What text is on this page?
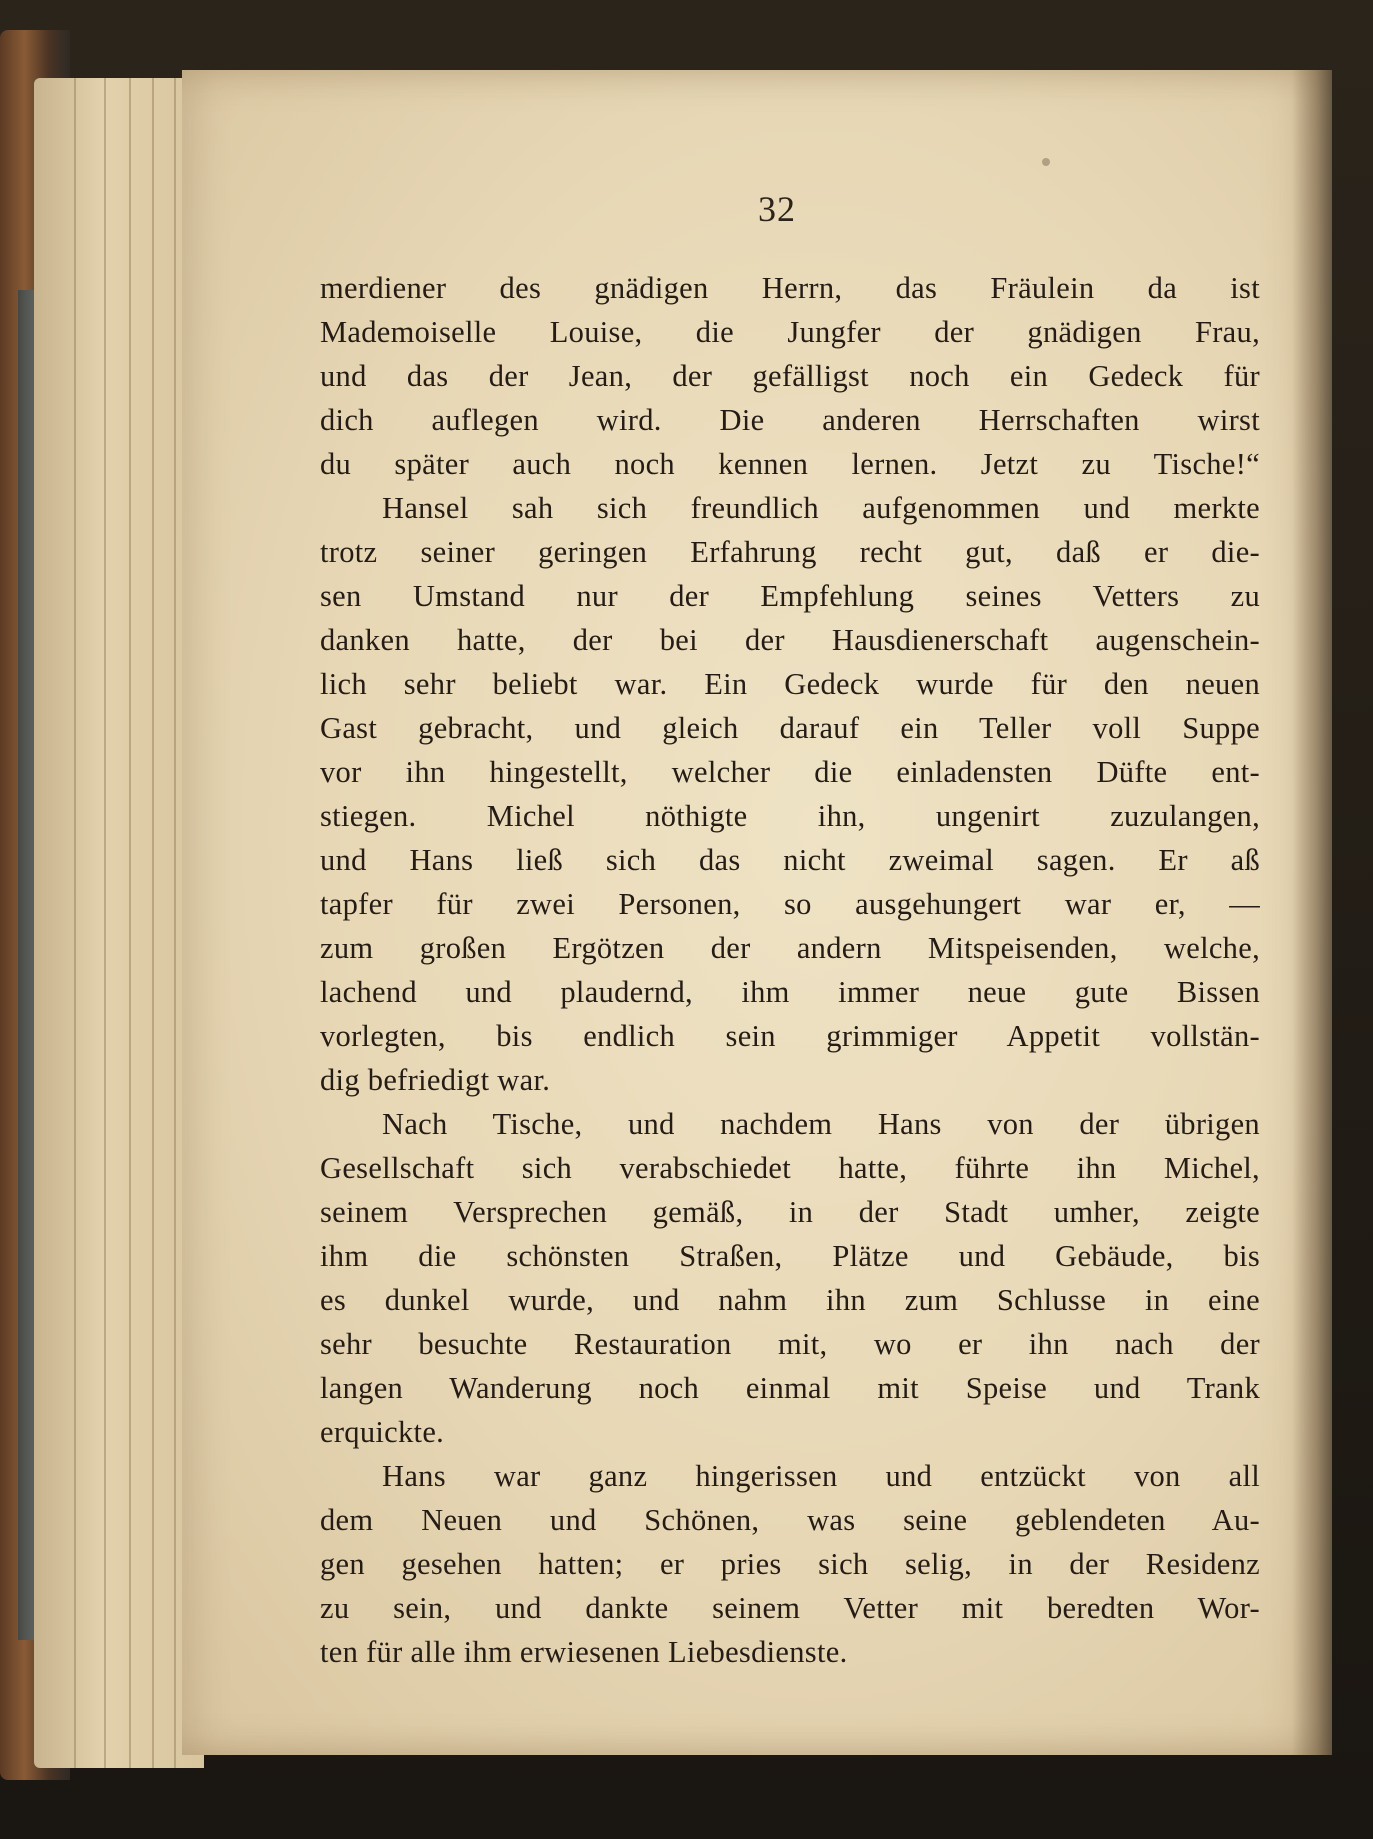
32
merdiener des gnädigen Herrn, das Fräulein da ist
Mademoiselle Louise, die Jungfer der gnädigen Frau,
und das der Jean, der gefälligst noch ein Gedeck für
dich auflegen wird. Die anderen Herrschaften wirst
du später auch noch kennen lernen. Jetzt zu Tische!“
Hansel sah sich freundlich aufgenommen und merkte
trotz seiner geringen Erfahrung recht gut, daß er die-
sen Umstand nur der Empfehlung seines Vetters zu
danken hatte, der bei der Hausdienerschaft augenschein-
lich sehr beliebt war. Ein Gedeck wurde für den neuen
Gast gebracht, und gleich darauf ein Teller voll Suppe
vor ihn hingestellt, welcher die einladensten Düfte ent-
stiegen. Michel nöthigte ihn, ungenirt zuzulangen,
und Hans ließ sich das nicht zweimal sagen. Er aß
tapfer für zwei Personen, so ausgehungert war er, —
zum großen Ergötzen der andern Mitspeisenden, welche,
lachend und plaudernd, ihm immer neue gute Bissen
vorlegten, bis endlich sein grimmiger Appetit vollstän-
dig befriedigt war.
Nach Tische, und nachdem Hans von der übrigen
Gesellschaft sich verabschiedet hatte, führte ihn Michel,
seinem Versprechen gemäß, in der Stadt umher, zeigte
ihm die schönsten Straßen, Plätze und Gebäude, bis
es dunkel wurde, und nahm ihn zum Schlusse in eine
sehr besuchte Restauration mit, wo er ihn nach der
langen Wanderung noch einmal mit Speise und Trank
erquickte.
Hans war ganz hingerissen und entzückt von all
dem Neuen und Schönen, was seine geblendeten Au-
gen gesehen hatten; er pries sich selig, in der Residenz
zu sein, und dankte seinem Vetter mit beredten Wor-
ten für alle ihm erwiesenen Liebesdienste.
